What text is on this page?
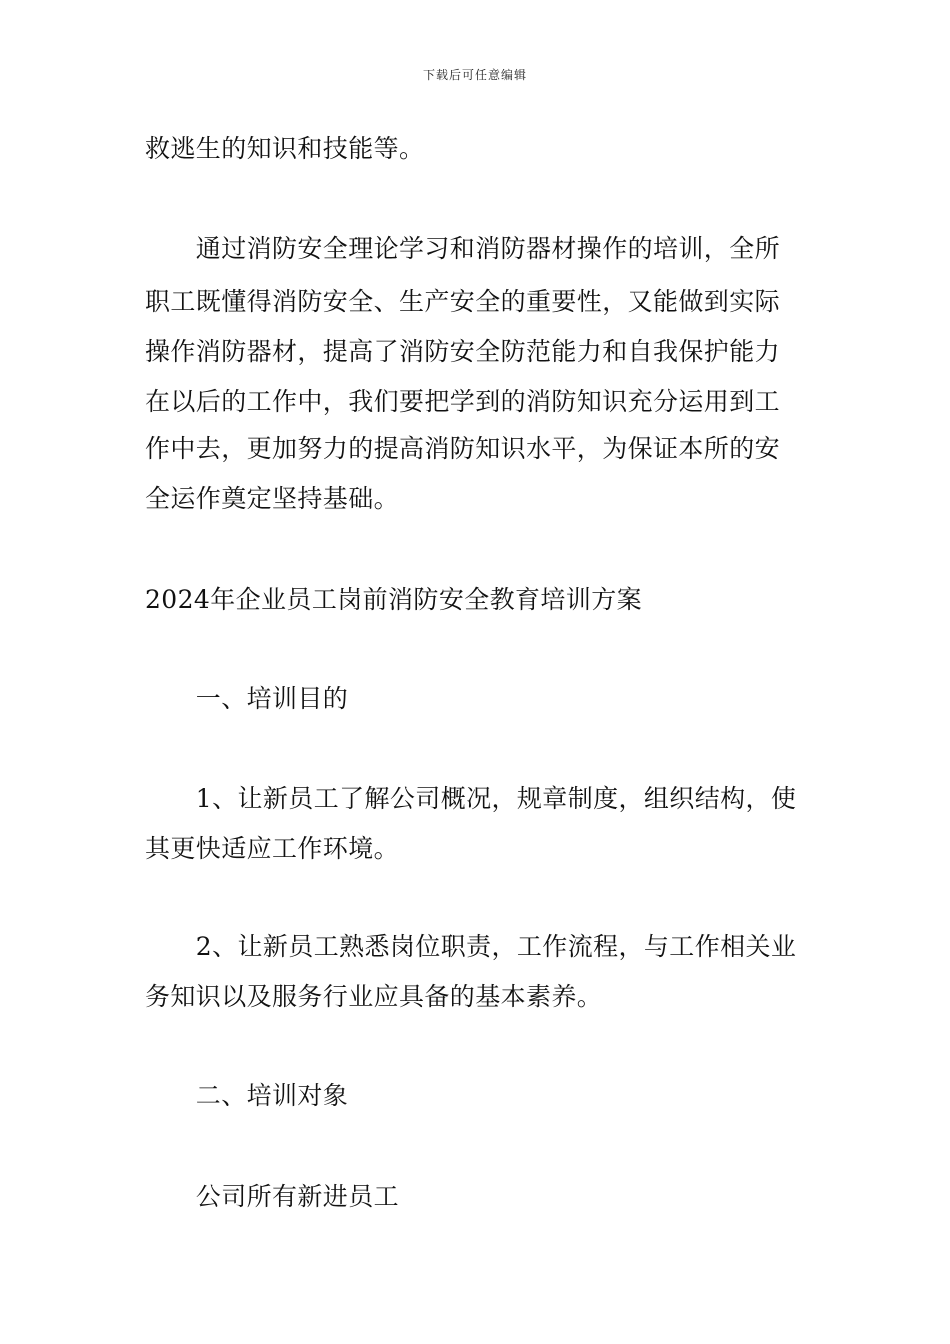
下载后可任意编辑
救逃生的知识和技能等。
　　通过消防安全理论学习和消防器材操作的培训，全所
职工既懂得消防安全、生产安全的重要性，又能做到实际
操作消防器材，提高了消防安全防范能力和自我保护能力
在以后的工作中，我们要把学到的消防知识充分运用到工
作中去，更加努力的提高消防知识水平，为保证本所的安
全运作奠定坚持基础。
2024年企业员工岗前消防安全教育培训方案
　　一、培训目的
　　1、让新员工了解公司概况，规章制度，组织结构，使
其更快适应工作环境。
　　2、让新员工熟悉岗位职责，工作流程，与工作相关业
务知识以及服务行业应具备的基本素养。
　　二、培训对象
　　公司所有新进员工
